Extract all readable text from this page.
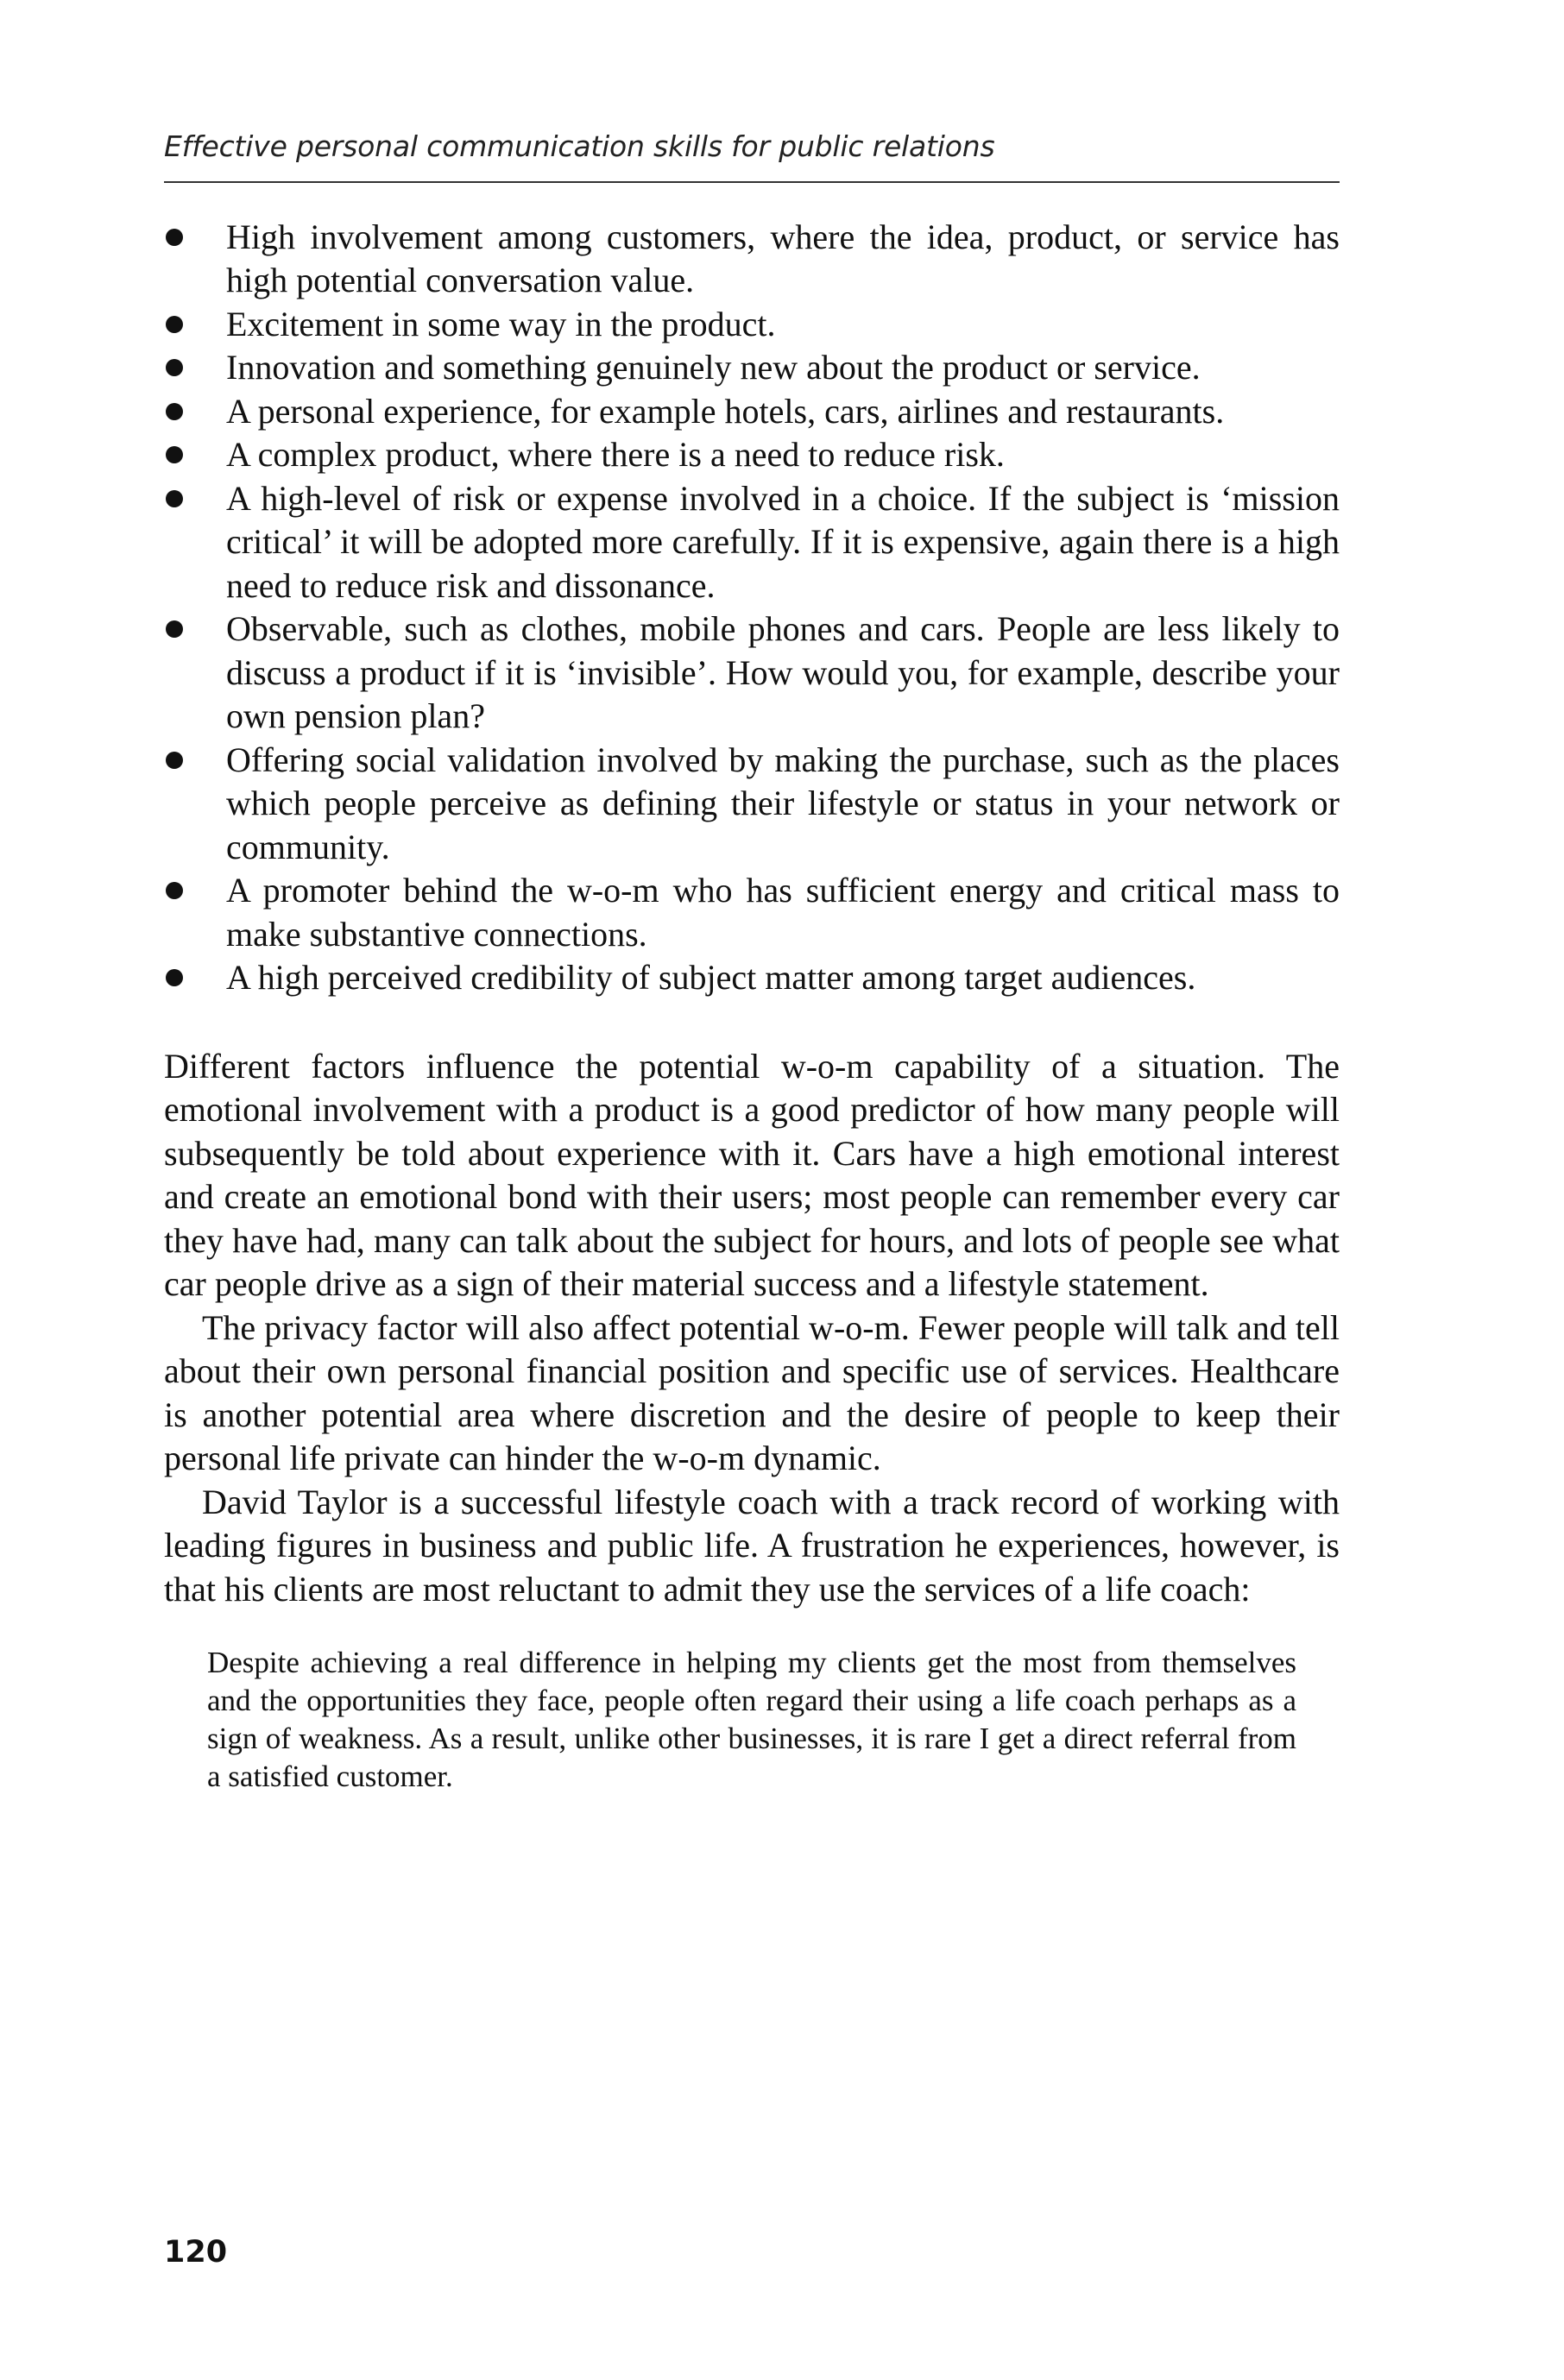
Effective personal communication skills for public relations
High involvement among customers, where the idea, product, or service has high potential conversation value.
Excitement in some way in the product.
Innovation and something genuinely new about the product or service.
A personal experience, for example hotels, cars, airlines and restaurants.
A complex product, where there is a need to reduce risk.
A high-level of risk or expense involved in a choice. If the subject is ‘mission critical’ it will be adopted more carefully. If it is expensive, again there is a high need to reduce risk and dissonance.
Observable, such as clothes, mobile phones and cars. People are less likely to discuss a product if it is ‘invisible’. How would you, for example, describe your own pension plan?
Offering social validation involved by making the purchase, such as the places which people perceive as defining their lifestyle or status in your network or community.
A promoter behind the w-o-m who has sufficient energy and critical mass to make substantive connections.
A high perceived credibility of subject matter among target audiences.

Different factors influence the potential w-o-m capability of a situation. The emotional involvement with a product is a good predictor of how many people will subsequently be told about experience with it. Cars have a high emotional interest and create an emotional bond with their users; most people can remember every car they have had, many can talk about the subject for hours, and lots of people see what car people drive as a sign of their material success and a lifestyle statement.

The privacy factor will also affect potential w-o-m. Fewer people will talk and tell about their own personal financial position and specific use of services. Healthcare is another potential area where discretion and the desire of people to keep their personal life private can hinder the w-o-m dynamic.

David Taylor is a successful lifestyle coach with a track record of working with leading figures in business and public life. A frustration he experiences, however, is that his clients are most reluctant to admit they use the services of a life coach:

Despite achieving a real difference in helping my clients get the most from themselves and the opportunities they face, people often regard their using a life coach perhaps as a sign of weakness. As a result, unlike other businesses, it is rare I get a direct referral from a satisfied customer.
120
